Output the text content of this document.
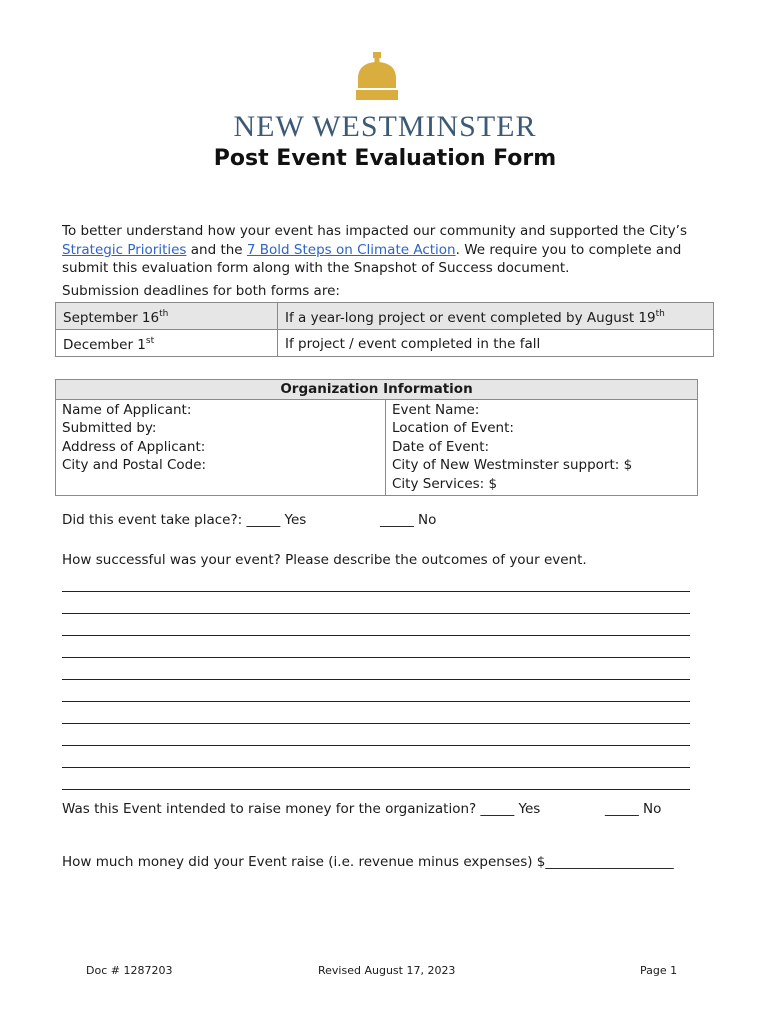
NEW WESTMINSTER
Post Event Evaluation Form
To better understand how your event has impacted our community and supported the City’s Strategic Priorities and the 7 Bold Steps on Climate Action. We require you to complete and submit this evaluation form along with the Snapshot of Success document.
Submission deadlines for both forms are:
September 16th	If a year-long project or event completed by August 19th
December 1st	If project / event completed in the fall
Organization Information

Name of Applicant:
Submitted by:
Address of Applicant:
City and Postal Code:

Event Name:
Location of Event:
Date of Event:
City of New Westminster support: $
City Services: $
Did this event take place?: _____ Yes	_____ No
How successful was your event? Please describe the outcomes of your event.
Was this Event intended to raise money for the organization? _____ Yes	_____ No
How much money did your Event raise (i.e. revenue minus expenses) $___________________
Doc # 1287203	Revised August 17, 2023	Page 1
